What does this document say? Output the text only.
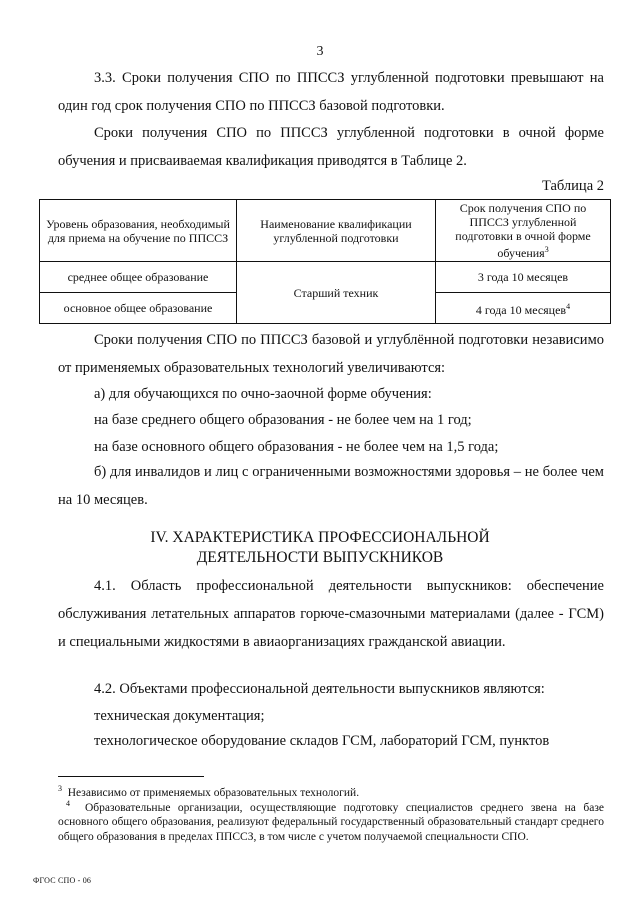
3

3.3. Сроки получения СПО по ППССЗ углубленной подготовки превышают на один год срок получения СПО по ППССЗ базовой подготовки.

Сроки получения СПО по ППССЗ углубленной подготовки в очной форме обучения и присваиваемая квалификация приводятся в Таблице 2.

Таблица 2
Уровень образования, необходимый для приема на обучение по ППССЗ	Наименование квалификации углубленной подготовки	Срок получения СПО по ППССЗ углубленной подготовки в очной форме обучения$^3$
среднее общее образование	Старший техник	3 года 10 месяцев
основное общее образование		4 года 10 месяцев$^4$

Сроки получения СПО по ППССЗ базовой и углублённой подготовки независимо от применяемых образовательных технологий увеличиваются:

а) для обучающихся по очно-заочной форме обучения:

на базе среднего общего образования - не более чем на 1 год;

на базе основного общего образования - не более чем на 1,5 года;

б) для инвалидов и лиц с ограниченными возможностями здоровья – не более чем на 10 месяцев.

IV. ХАРАКТЕРИСТИКА ПРОФЕССИОНАЛЬНОЙ
ДЕЯТЕЛЬНОСТИ ВЫПУСКНИКОВ

4.1. Область профессиональной деятельности выпускников: обеспечение обслуживания летательных аппаратов горюче-смазочными материалами (далее - ГСМ) и специальными жидкостями в авиаорганизациях гражданской авиации.

4.2. Объектами профессиональной деятельности выпускников являются:

техническая документация;

технологическое оборудование складов ГСМ, лабораторий ГСМ, пунктов

$^3$ Независимо от применяемых образовательных технологий.

$^4$ Образовательные организации, осуществляющие подготовку специалистов среднего звена на базе основного общего образования, реализуют федеральный государственный образовательный стандарт среднего общего образования в пределах ППССЗ, в том числе с учетом получаемой специальности СПО.

ФГОС СПО - 06
